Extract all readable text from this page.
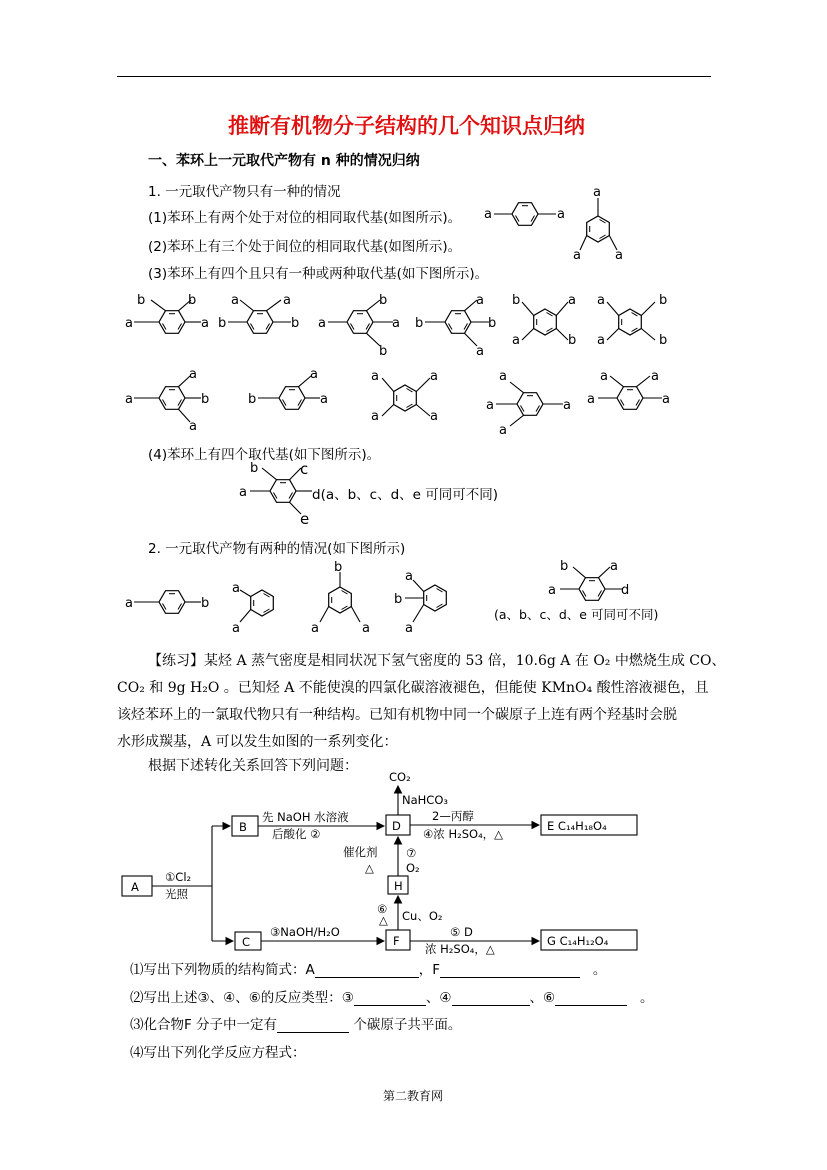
推断有机物分子结构的几个知识点归纳
一、苯环上一元取代产物有 n 种的情况归纳
1. 一元取代产物只有一种的情况
(1)苯环上有两个处于对位的相同取代基(如图所示)。
(2)苯环上有三个处于间位的相同取代基(如图所示)。
(3)苯环上有四个且只有一种或两种取代基(如下图所示)。
(4)苯环上有四个取代基(如下图所示)。
d(a、b、c、d、e 可同可不同)
2. 一元取代产物有两种的情况(如下图所示)
(a、b、c、d、e 可同可不同)
a	a
a
a	a
b	b
a	a
a	a
b	b a
b
a
b
b
a
b
a
b	a
a	b
a	b
a	b
a
a
b
a
b
a
a
a	a
a	a
a
a	a
a
a	a
a	a
b	c
a
e
a	b
a
a
b
a	a
a
b
a
b	a
a	d
【练习】某烃 A 蒸气密度是相同状况下氢气密度的 53 倍，10.6g A 在 O₂ 中燃烧生成 CO、
CO₂ 和 9g H₂O 。已知烃 A 不能使溴的四氯化碳溶液褪色，但能使 KMnO₄ 酸性溶液褪色，且
该烃苯环上的一氯取代物只有一种结构。已知有机物中同一个碳原子上连有两个羟基时会脱
水形成羰基，A 可以发生如图的一系列变化：
根据下述转化关系回答下列问题：
A
B	D	E C₁₄H₁₈O₄
H
C	F	G C₁₄H₁₂O₄
CO₂
NaHCO₃
①Cl₂
光照
先 NaOH 水溶液
后酸化 ②
③NaOH/H₂O
2—丙醇
④浓 H₂SO₄，△
⑤ D
浓 H₂SO₄，△
⑥
△ Cu、O₂
催化剂
△
⑦
O₂
⑴写出下列物质的结构简式：A	，F	。
⑵写出上述③、④、⑥的反应类型：③	、④	、⑥	。
⑶化合物F 分子中一定有	个碳原子共平面。
⑷写出下列化学反应方程式：
第二教育网
